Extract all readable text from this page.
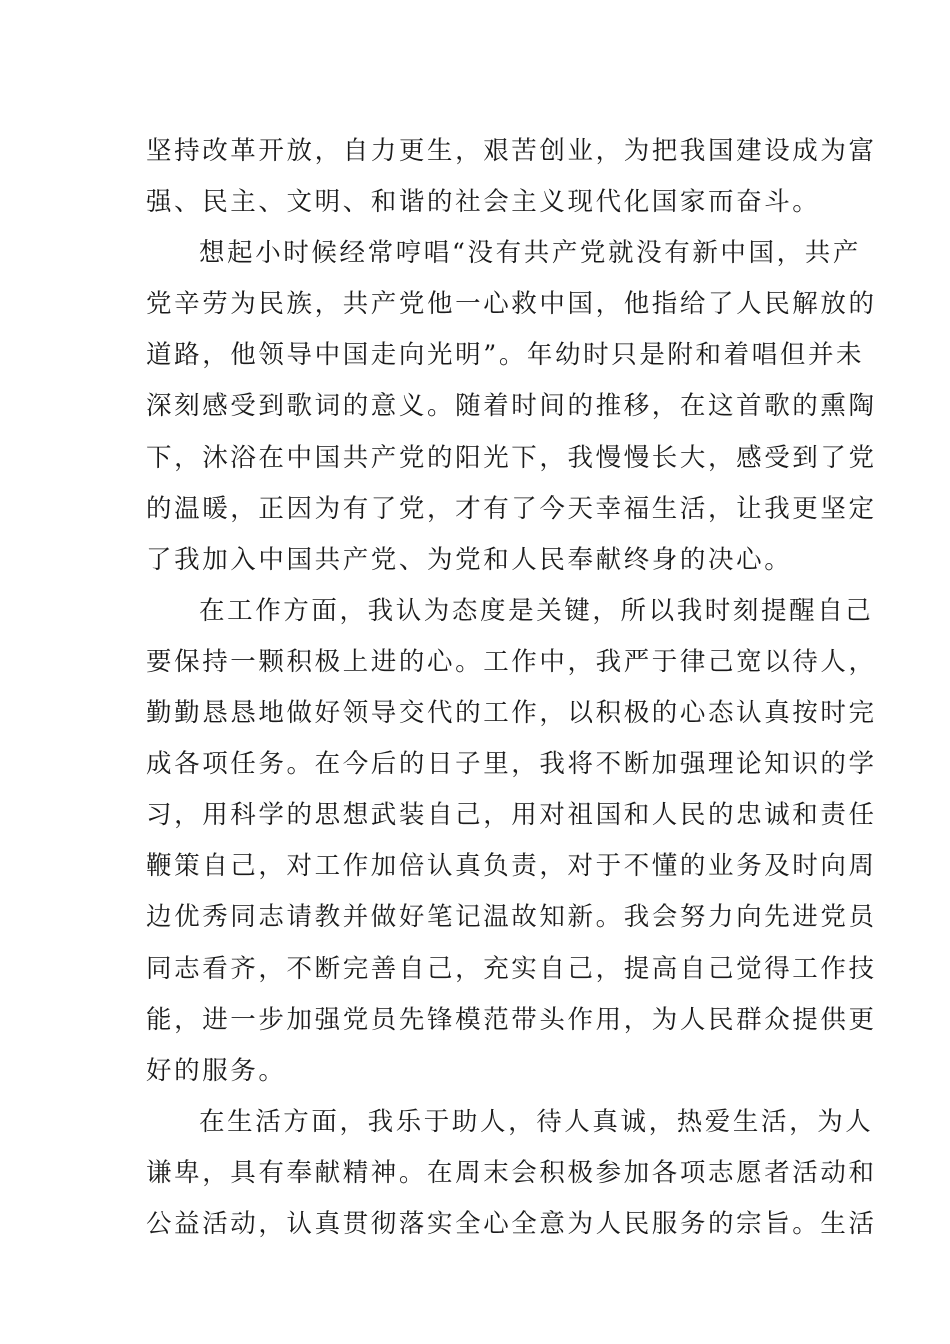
坚持改革开放，自力更生，艰苦创业，为把我国建设成为富
强、民主、文明、和谐的社会主义现代化国家而奋斗。
想起小时候经常哼唱“没有共产党就没有新中国，共产
党辛劳为民族，共产党他一心救中国，他指给了人民解放的
道路，他领导中国走向光明”。年幼时只是附和着唱但并未
深刻感受到歌词的意义。随着时间的推移，在这首歌的熏陶
下，沐浴在中国共产党的阳光下，我慢慢长大，感受到了党
的温暖，正因为有了党，才有了今天幸福生活，让我更坚定
了我加入中国共产党、为党和人民奉献终身的决心。
在工作方面，我认为态度是关键，所以我时刻提醒自己
要保持一颗积极上进的心。工作中，我严于律己宽以待人，
勤勤恳恳地做好领导交代的工作，以积极的心态认真按时完
成各项任务。在今后的日子里，我将不断加强理论知识的学
习，用科学的思想武装自己，用对祖国和人民的忠诚和责任
鞭策自己，对工作加倍认真负责，对于不懂的业务及时向周
边优秀同志请教并做好笔记温故知新。我会努力向先进党员
同志看齐，不断完善自己，充实自己，提高自己觉得工作技
能，进一步加强党员先锋模范带头作用，为人民群众提供更
好的服务。
在生活方面，我乐于助人，待人真诚，热爱生活，为人
谦卑，具有奉献精神。在周末会积极参加各项志愿者活动和
公益活动，认真贯彻落实全心全意为人民服务的宗旨。生活
